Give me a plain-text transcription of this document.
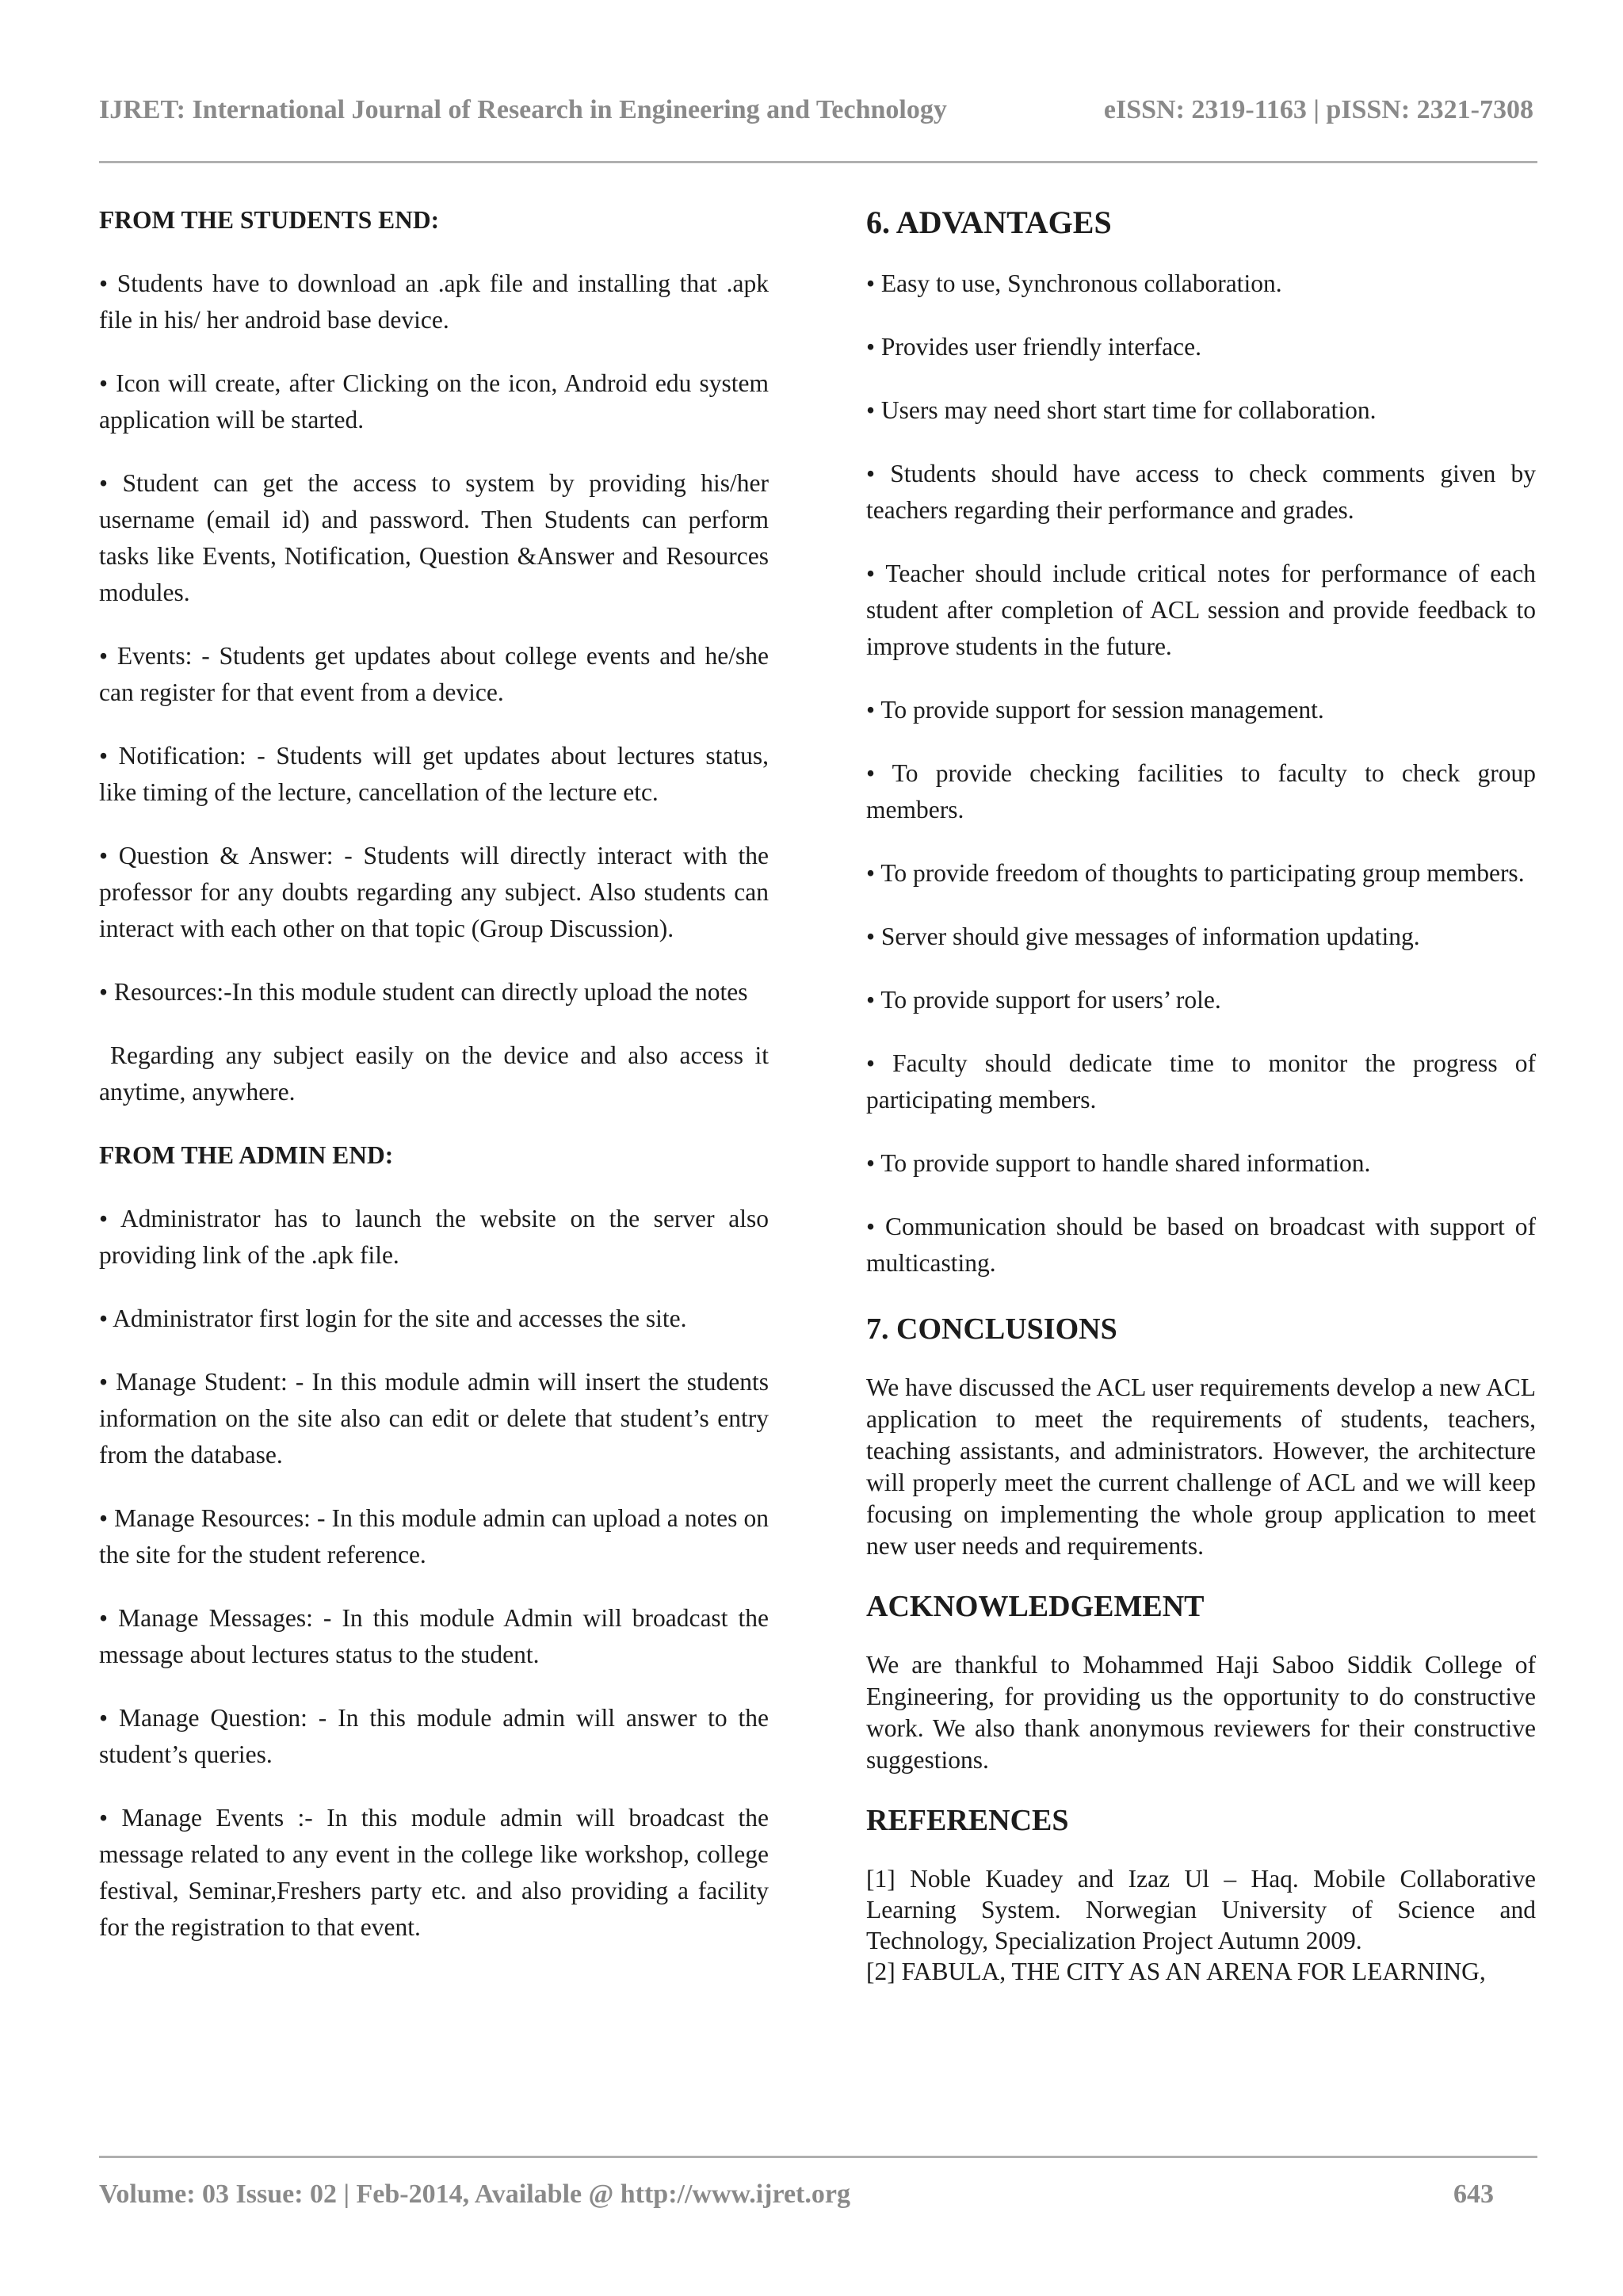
IJRET: International Journal of Research in Engineering and Technology	eISSN: 2319-1163 | pISSN: 2321-7308
FROM THE STUDENTS END:

• Students have to download an .apk file and installing that .apk file in his/ her android base device.

• Icon will create, after Clicking on the icon, Android edu system application will be started.

• Student can get the access to system by providing his/her username (email id) and password. Then Students can perform tasks like Events, Notification, Question &Answer and Resources modules.

• Events: - Students get updates about college events and he/she can register for that event from a device.

• Notification: - Students will get updates about lectures status, like timing of the lecture, cancellation of the lecture etc.

• Question & Answer: - Students will directly interact with the professor for any doubts regarding any subject. Also students can interact with each other on that topic (Group Discussion).

• Resources:-In this module student can directly upload the notes

Regarding any subject easily on the device and also access it anytime, anywhere.

FROM THE ADMIN END:

• Administrator has to launch the website on the server also providing link of the .apk file.

• Administrator first login for the site and accesses the site.

• Manage Student: - In this module admin will insert the students information on the site also can edit or delete that student’s entry from the database.

• Manage Resources: - In this module admin can upload a notes on the site for the student reference.

• Manage Messages: - In this module Admin will broadcast the message about lectures status to the student.

• Manage Question: - In this module admin will answer to the student’s queries.

• Manage Events :- In this module admin will broadcast the message related to any event in the college like workshop, college festival, Seminar,Freshers party etc. and also providing a facility for the registration to that event.

6. ADVANTAGES

• Easy to use, Synchronous collaboration.

• Provides user friendly interface.

• Users may need short start time for collaboration.

• Students should have access to check comments given by teachers regarding their performance and grades.

• Teacher should include critical notes for performance of each student after completion of ACL session and provide feedback to improve students in the future.

• To provide support for session management.

• To provide checking facilities to faculty to check group members.

• To provide freedom of thoughts to participating group members.

• Server should give messages of information updating.

• To provide support for users’ role.

• Faculty should dedicate time to monitor the progress of participating members.

• To provide support to handle shared information.

• Communication should be based on broadcast with support of multicasting.

7. CONCLUSIONS

We have discussed the ACL user requirements develop a new ACL application to meet the requirements of students, teachers, teaching assistants, and administrators. However, the architecture will properly meet the current challenge of ACL and we will keep focusing on implementing the whole group application to meet new user needs and requirements.

ACKNOWLEDGEMENT

We are thankful to Mohammed Haji Saboo Siddik College of Engineering, for providing us the opportunity to do constructive work. We also thank anonymous reviewers for their constructive suggestions.

REFERENCES

[1] Noble Kuadey and Izaz Ul – Haq. Mobile Collaborative Learning System. Norwegian University of Science and Technology, Specialization Project Autumn 2009.

[2] FABULA, THE CITY AS AN ARENA FOR LEARNING,

Volume: 03 Issue: 02 | Feb-2014, Available @ http://www.ijret.org	643
